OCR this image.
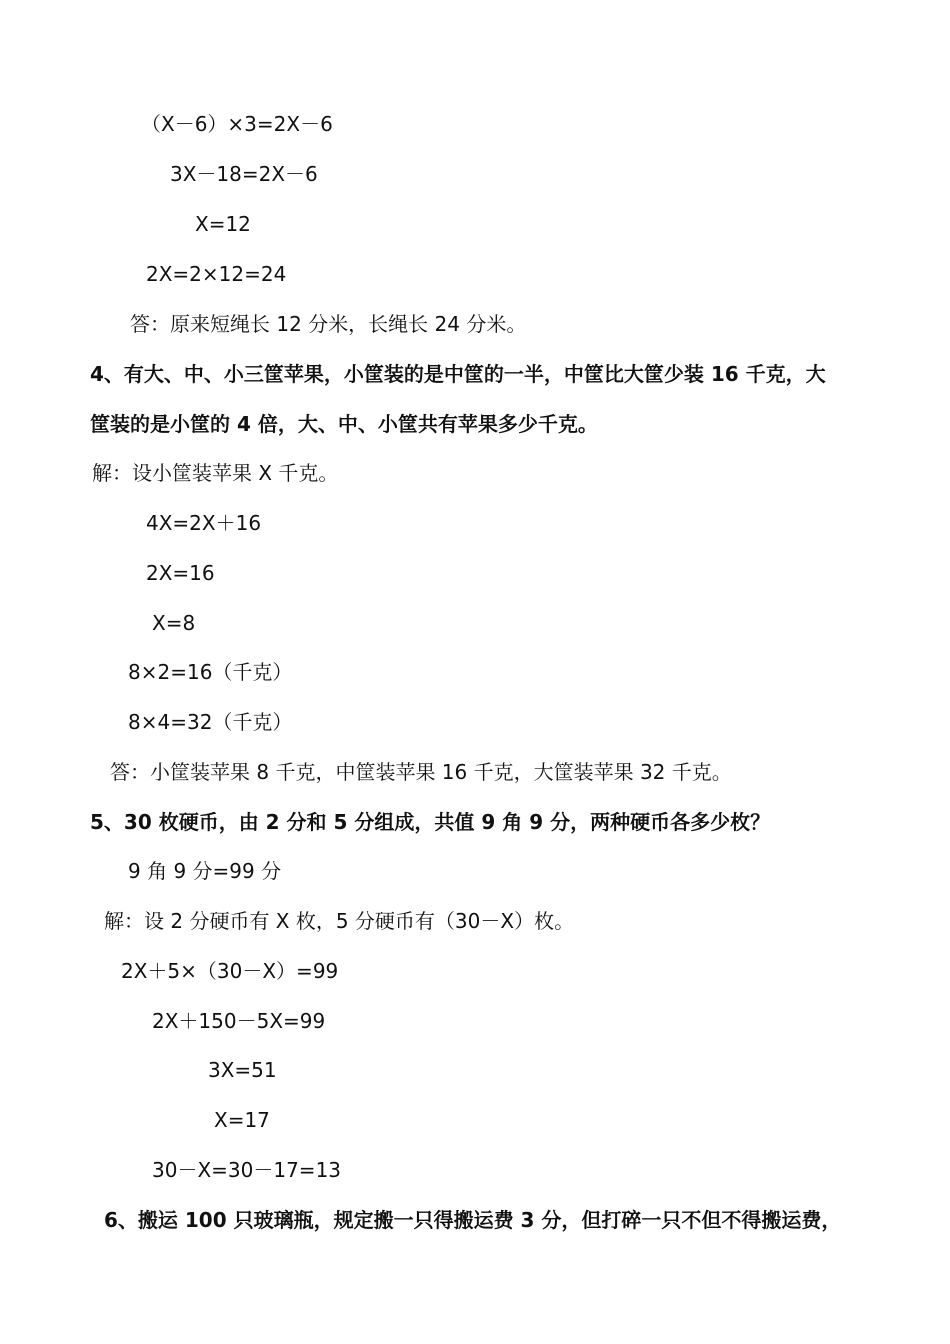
（X－6）×3=2X－6
3X－18=2X－6
X=12
2X=2×12=24
答：原来短绳长 12 分米，长绳长 24 分米。
4、有大、中、小三筐苹果，小筐装的是中筐的一半，中筐比大筐少装 16 千克，大
筐装的是小筐的 4 倍，大、中、小筐共有苹果多少千克。
解：设小筐装苹果 X 千克。
4X=2X＋16
2X=16
X=8
8×2=16（千克）
8×4=32（千克）
答：小筐装苹果 8 千克，中筐装苹果 16 千克，大筐装苹果 32 千克。
5、30 枚硬币，由 2 分和 5 分组成，共值 9 角 9 分，两种硬币各多少枚？
9 角 9 分=99 分
解：设 2 分硬币有 X 枚，5 分硬币有（30－X）枚。
2X＋5×（30－X）=99
2X＋150－5X=99
3X=51
X=17
30－X=30－17=13
6、搬运 100 只玻璃瓶，规定搬一只得搬运费 3 分，但打碎一只不但不得搬运费，
